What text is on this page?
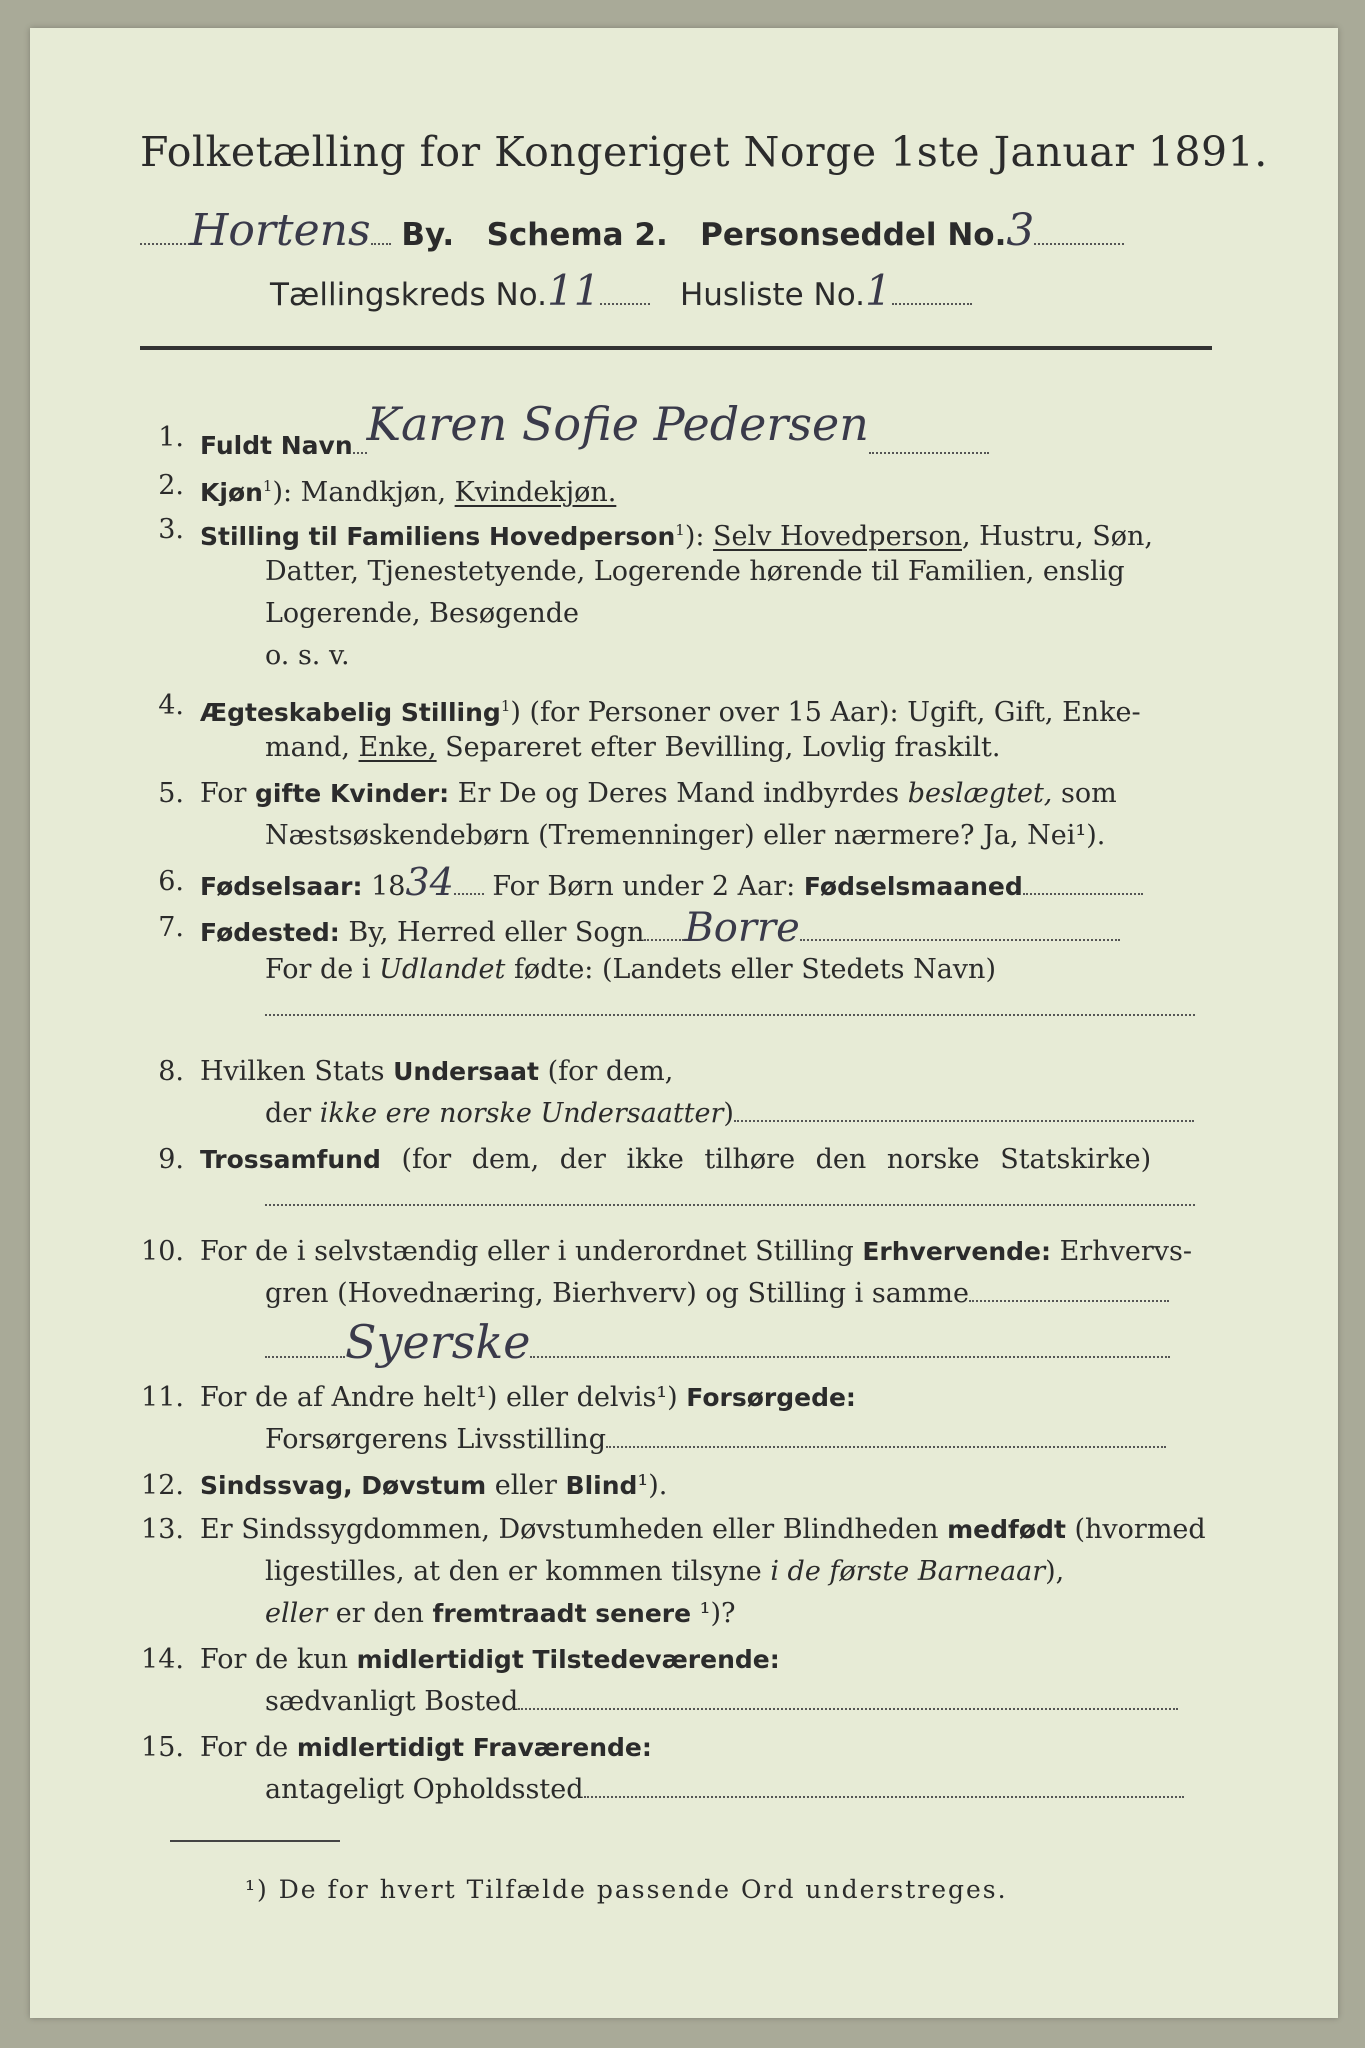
Folketælling for Kongeriget Norge 1ste Januar 1891.
Hortens By. Schema 2. Personseddel No.3
Tællingskreds No.11	Husliste No.1
1. Fuldt Navn Karen Sofie Pedersen
2. Kjøn$^1$): Mandkjøn, Kvindekjøn.
3. Stilling til Familiens Hovedperson$^1$): Selv Hovedperson, Hustru, Søn,
Datter, Tjenestetyende, Logerende hørende til Familien, enslig
Logerende, Besøgende
o. s. v.
4. Ægteskabelig Stilling$^1$) (for Personer over 15 Aar): Ugift, Gift, Enke-
mand, Enke, Separeret efter Bevilling, Lovlig fraskilt.
5. For gifte Kvinder: Er De og Deres Mand indbyrdes beslægtet, som
Næstsøskendebørn (Tremenninger) eller nærmere? Ja, Nei¹).
6. Fødselsaar: 1834 For Børn under 2 Aar: Fødselsmaaned
7. Fødested: By, Herred eller Sogn Borre
For de i Udlandet fødte: (Landets eller Stedets Navn)
8. Hvilken Stats Undersaat (for dem,
der ikke ere norske Undersaatter)
9. Trossamfund (for dem, der ikke tilhøre den norske Statskirke)
10. For de i selvstændig eller i underordnet Stilling Erhvervende: Erhvervs-
gren (Hovednæring, Bierhverv) og Stilling i samme
Syerske
11. For de af Andre helt¹) eller delvis¹) Forsørgede:
Forsørgerens Livsstilling
12. Sindssvag, Døvstum eller Blind¹).
13. Er Sindssygdommen, Døvstumheden eller Blindheden medfødt (hvormed
ligestilles, at den er kommen tilsyne i de første Barneaar),
eller er den fremtraadt senere ¹)?
14. For de kun midlertidigt Tilstedeværende:
sædvanligt Bosted
15. For de midlertidigt Fraværende:
antageligt Opholdssted
¹) De for hvert Tilfælde passende Ord understreges.
